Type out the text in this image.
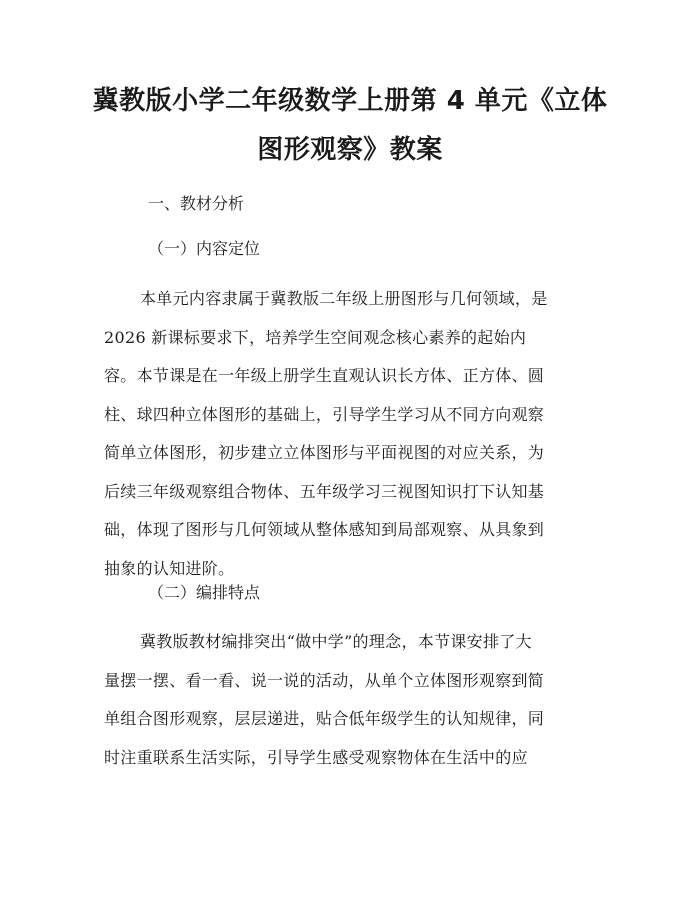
冀教版小学二年级数学上册第 4 单元《立体
图形观察》教案
一、教材分析
（一）内容定位
本单元内容隶属于冀教版二年级上册图形与几何领域，是
2026 新课标要求下，培养学生空间观念核心素养的起始内
容。本节课是在一年级上册学生直观认识长方体、正方体、圆
柱、球四种立体图形的基础上，引导学生学习从不同方向观察
简单立体图形，初步建立立体图形与平面视图的对应关系，为
后续三年级观察组合物体、五年级学习三视图知识打下认知基
础，体现了图形与几何领域从整体感知到局部观察、从具象到
抽象的认知进阶。
（二）编排特点
冀教版教材编排突出“做中学”的理念，本节课安排了大
量摆一摆、看一看、说一说的活动，从单个立体图形观察到简
单组合图形观察，层层递进，贴合低年级学生的认知规律，同
时注重联系生活实际，引导学生感受观察物体在生活中的应
